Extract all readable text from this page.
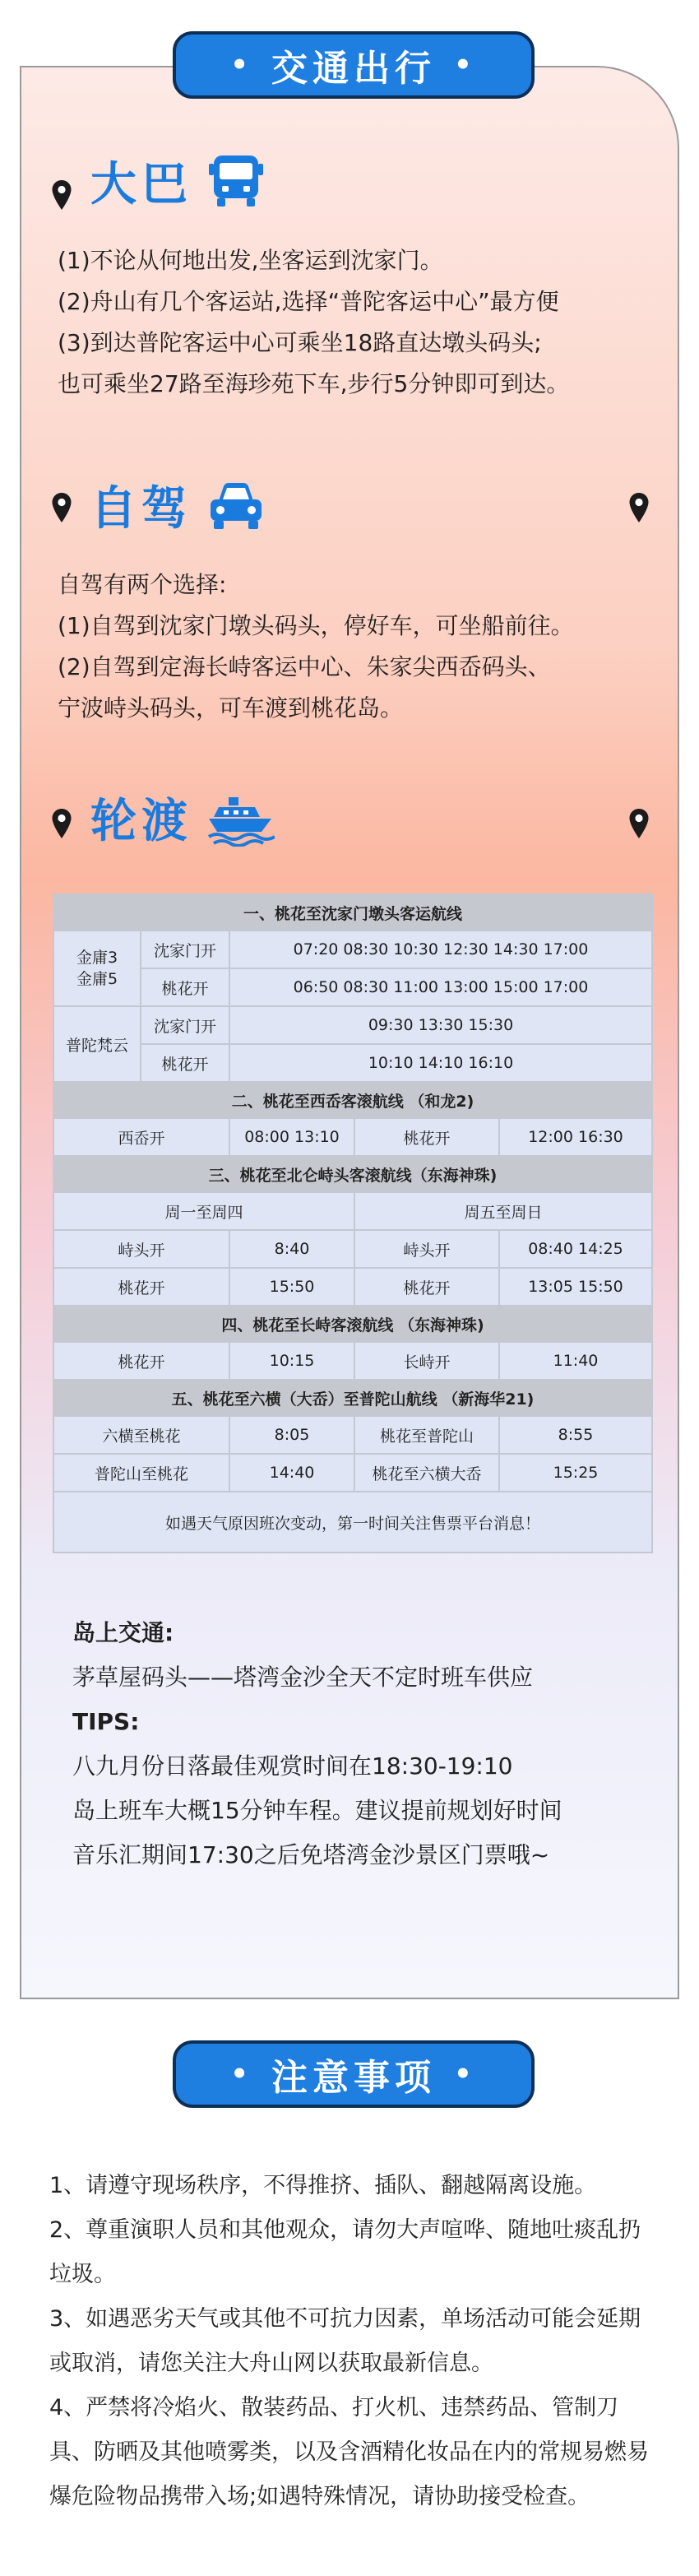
• 交通出行 •
大巴
(1)不论从何地出发,坐客运到沈家门。
(2)舟山有几个客运站,选择“普陀客运中心”最方便
(3)到达普陀客运中心可乘坐18路直达墩头码头;
也可乘坐27路至海珍苑下车,步行5分钟即可到达。
自驾
自驾有两个选择:
(1)自驾到沈家门墩头码头，停好车，可坐船前往。
(2)自驾到定海长峙客运中心、朱家尖西岙码头、
宁波峙头码头，可车渡到桃花岛。
轮渡
一、桃花至沈家门墩头客运航线				
金庸3
金庸5	沈家门开	07:20 08:30 10:30 12:30 14:30 17:00		
	桃花开	06:50 08:30 11:00 13:00 15:00 17:00		
普陀梵云	沈家门开	09:30 13:30 15:30		
	桃花开	10:10 14:10 16:10		
二、桃花至西岙客滚航线 （和龙2)				
西岙开		08:00 13:10	桃花开	12:00 16:30
三、桃花至北仑峙头客滚航线（东海神珠)				
周一至周四			周五至周日	
峙头开		8:40	峙头开	08:40 14:25
桃花开		15:50	桃花开	13:05 15:50
四、桃花至长峙客滚航线 （东海神珠)				
桃花开		10:15	长峙开	11:40
五、桃花至六横（大岙）至普陀山航线 （新海华21)				
六横至桃花		8:05	桃花至普陀山	8:55
普陀山至桃花		14:40	桃花至六横大岙	15:25
如遇天气原因班次变动，第一时间关注售票平台消息！				
岛上交通:
茅草屋码头——塔湾金沙全天不定时班车供应
TIPS:
八九月份日落最佳观赏时间在18:30-19:10
岛上班车大概15分钟车程。建议提前规划好时间
音乐汇期间17:30之后免塔湾金沙景区门票哦~
• 注意事项 •

1、请遵守现场秩序，不得推挤、插队、翻越隔离设施。

2、尊重演职人员和其他观众，请勿大声喧哗、随地吐痰乱扔垃圾。

3、如遇恶劣天气或其他不可抗力因素，单场活动可能会延期或取消，请您关注大舟山网以获取最新信息。

4、严禁将冷焰火、散装药品、打火机、违禁药品、管制刀具、防晒及其他喷雾类，以及含酒精化妆品在内的常规易燃易爆危险物品携带入场;如遇特殊情况，请协助接受检查。
